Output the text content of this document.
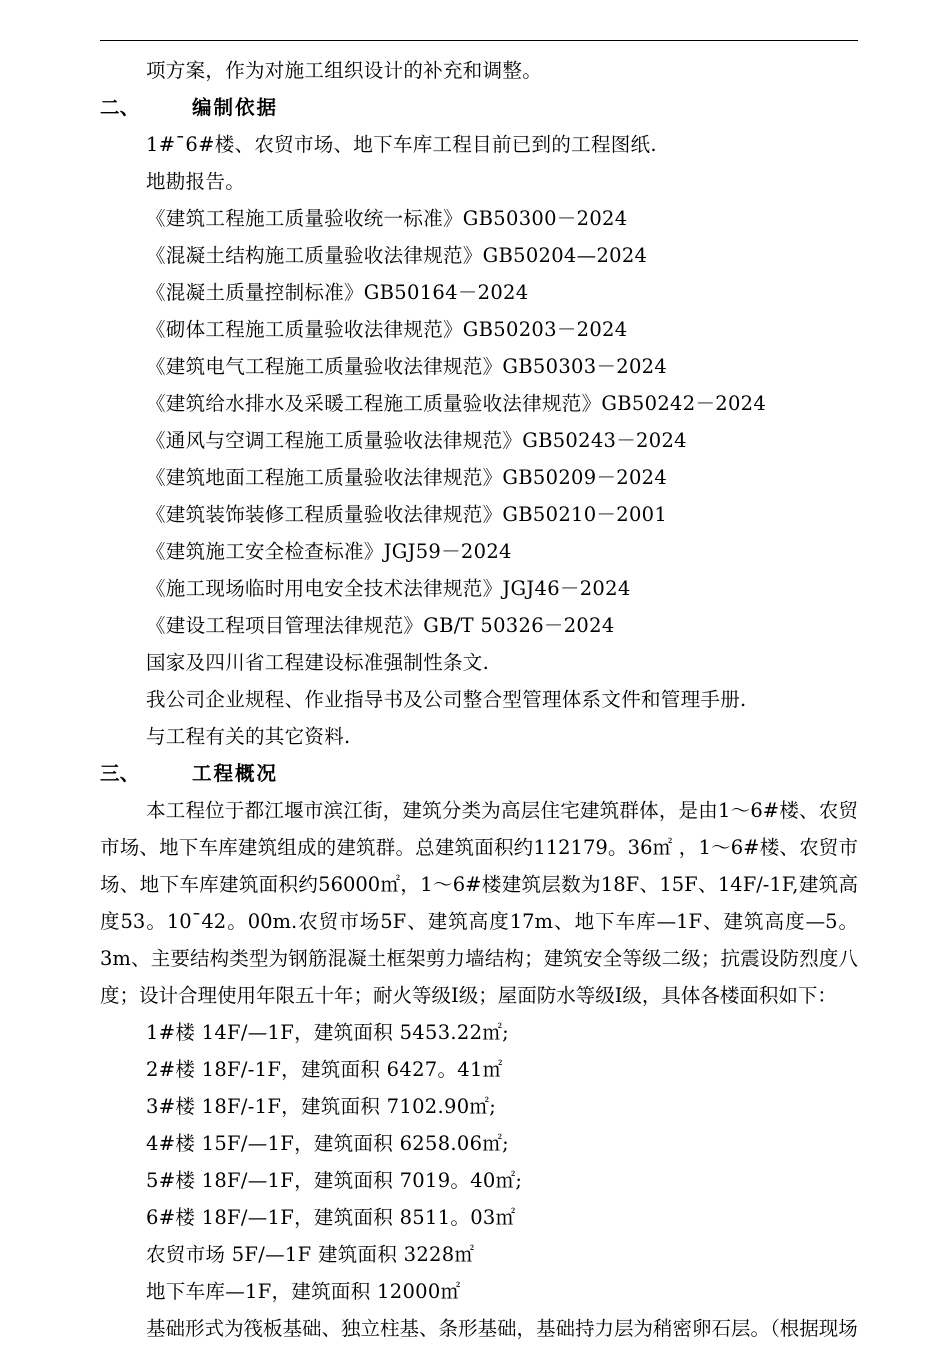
项方案，作为对施工组织设计的补充和调整。

二、	编制依据

1#ˉ6#楼、农贸市场、地下车库工程目前已到的工程图纸.

地勘报告。

《建筑工程施工质量验收统一标准》GB50300－2024

《混凝土结构施工质量验收法律规范》GB50204—2024

《混凝土质量控制标准》GB50164－2024

《砌体工程施工质量验收法律规范》GB50203－2024

《建筑电气工程施工质量验收法律规范》GB50303－2024

《建筑给水排水及采暖工程施工质量验收法律规范》GB50242－2024

《通风与空调工程施工质量验收法律规范》GB50243－2024

《建筑地面工程施工质量验收法律规范》GB50209－2024

《建筑装饰装修工程质量验收法律规范》GB50210－2001

《建筑施工安全检查标准》JGJ59－2024

《施工现场临时用电安全技术法律规范》JGJ46－2024

《建设工程项目管理法律规范》GB/T 50326－2024

国家及四川省工程建设标准强制性条文.

我公司企业规程、作业指导书及公司整合型管理体系文件和管理手册.

与工程有关的其它资料.

三、	工程概况

本工程位于都江堰市滨江街，建筑分类为高层住宅建筑群体，是由1～6#楼、农贸市场、地下车库建筑组成的建筑群。总建筑面积约112179。36㎡ ，1～6#楼、农贸市场、地下车库建筑面积约56000㎡，1～6#楼建筑层数为18F、15F、14F/-1F,建筑高度53。10ˉ42。00m.农贸市场5F、建筑高度17m、地下车库—1F、建筑高度—5。3m、主要结构类型为钢筋混凝土框架剪力墙结构；建筑安全等级二级；抗震设防烈度八度；设计合理使用年限五十年；耐火等级Ⅰ级；屋面防水等级Ⅰ级，具体各楼面积如下：

1#楼 14F/—1F，建筑面积 5453.22㎡;

2#楼 18F/-1F，建筑面积 6427。41㎡

3#楼 18F/-1F，建筑面积 7102.90㎡;

4#楼 15F/—1F，建筑面积 6258.06㎡;

5#楼 18F/—1F，建筑面积 7019。40㎡;

6#楼 18F/—1F，建筑面积 8511。03㎡

农贸市场 5F/—1F 建筑面积 3228㎡

地下车库—1F，建筑面积 12000㎡

基础形式为筏板基础、独立柱基、条形基础，基础持力层为稍密卵石层。（根据现场
